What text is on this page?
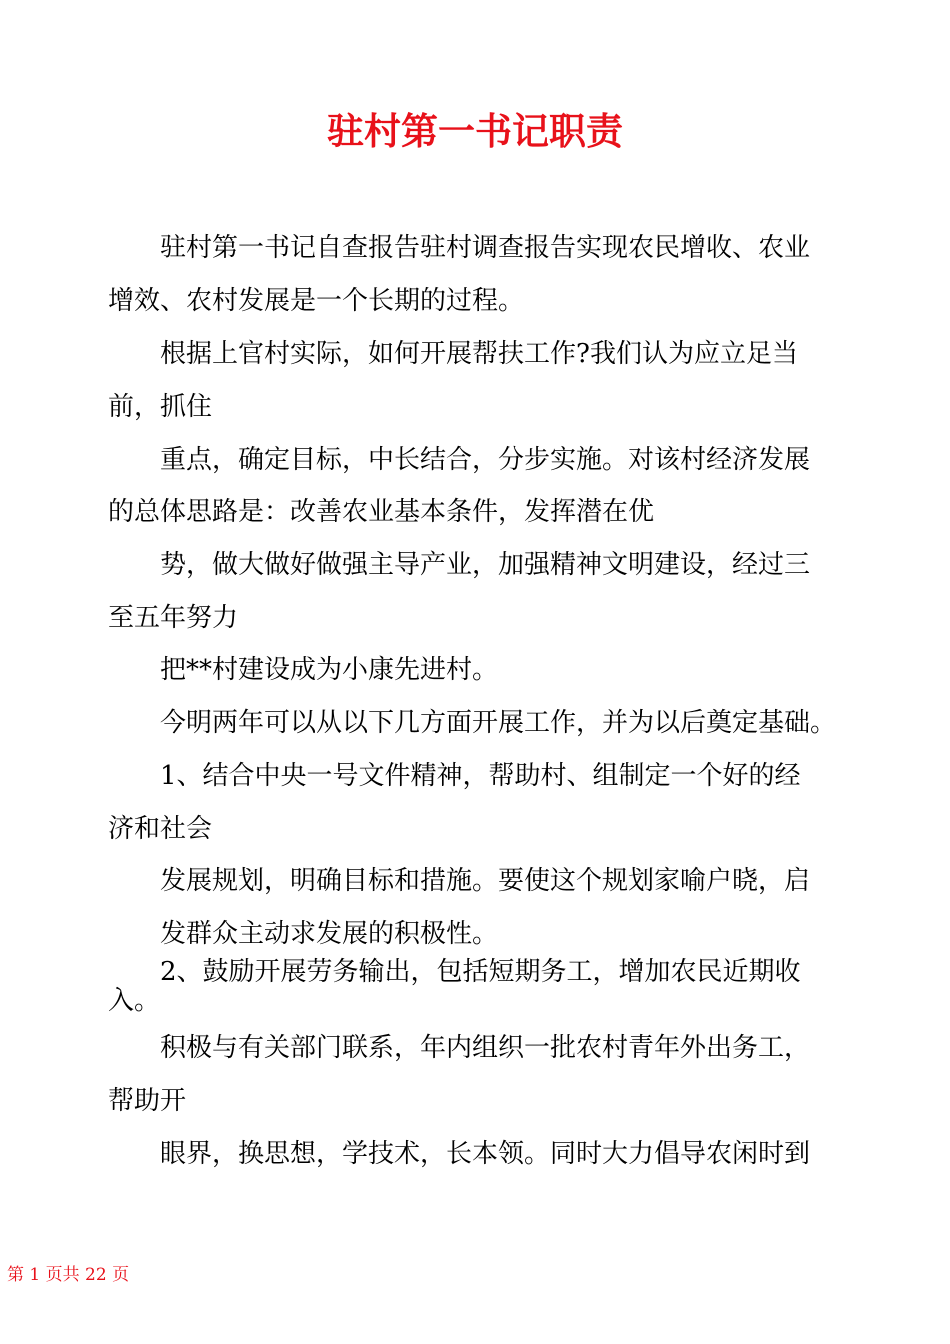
驻村第一书记职责

驻村第一书记自查报告驻村调查报告实现农民增收、农业

增效、农村发展是一个长期的过程。

根据上官村实际，如何开展帮扶工作?我们认为应立足当

前，抓住

重点，确定目标，中长结合，分步实施。对该村经济发展

的总体思路是：改善农业基本条件，发挥潜在优

势，做大做好做强主导产业，加强精神文明建设，经过三

至五年努力

把**村建设成为小康先进村。

今明两年可以从以下几方面开展工作，并为以后奠定基础。

1、结合中央一号文件精神，帮助村、组制定一个好的经

济和社会

发展规划，明确目标和措施。要使这个规划家喻户晓，启

发群众主动求发展的积极性。

2、鼓励开展劳务输出，包括短期务工，增加农民近期收

入。

积极与有关部门联系，年内组织一批农村青年外出务工，

帮助开

眼界，换思想，学技术，长本领。同时大力倡导农闲时到

第 1 页共 22 页
